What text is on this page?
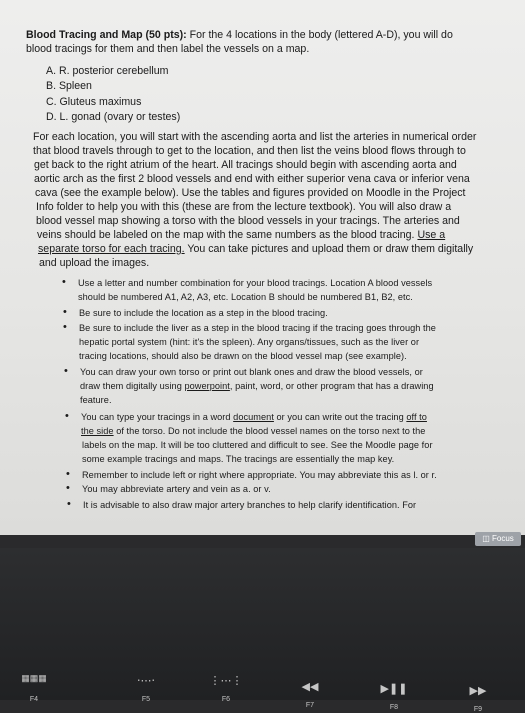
Blood Tracing and Map (50 pts): For the 4 locations in the body (lettered A-D), you will do
blood tracings for them and then label the vessels on a map.
A. R. posterior cerebellum
B. Spleen
C. Gluteus maximus
D. L. gonad (ovary or testes)
For each location, you will start with the ascending aorta and list the arteries in numerical order
that blood travels through to get to the location, and then list the veins blood flows through to
get back to the right atrium of the heart. All tracings should begin with ascending aorta and
aortic arch as the first 2 blood vessels and end with either superior vena cava or inferior vena
cava (see the example below). Use the tables and figures provided on Moodle in the Project
Info folder to help you with this (these are from the lecture textbook). You will also draw a
blood vessel map showing a torso with the blood vessels in your tracings. The arteries and
veins should be labeled on the map with the same numbers as the blood tracing. Use a
separate torso for each tracing. You can take pictures and upload them or draw them digitally
and upload the images.
• Use a letter and number combination for your blood tracings. Location A blood vessels
should be numbered A1, A2, A3, etc. Location B should be numbered B1, B2, etc.
• Be sure to include the location as a step in the blood tracing.
• Be sure to include the liver as a step in the blood tracing if the tracing goes through the
hepatic portal system (hint: it's the spleen). Any organs/tissues, such as the liver or
tracing locations, should also be drawn on the blood vessel map (see example).
• You can draw your own torso or print out blank ones and draw the blood vessels, or
draw them digitally using powerpoint, paint, word, or other program that has a drawing
feature.
• You can type your tracings in a word document or you can write out the tracing off to
the side of the torso. Do not include the blood vessel names on the torso next to the
labels on the map. It will be too cluttered and difficult to see. See the Moodle page for
some example tracings and maps. The tracings are essentially the map key.
• Remember to include left or right where appropriate. You may abbreviate this as l. or r.
• You may abbreviate artery and vein as a. or v.
• It is advisable to also draw major artery branches to help clarify identification. For
◫ Focus
▦▦▦
F4
⋅⋯⋅
F5
⋮⋯⋮
F6
◀◀
F7
▶❚❚
F8
▶▶
F9
